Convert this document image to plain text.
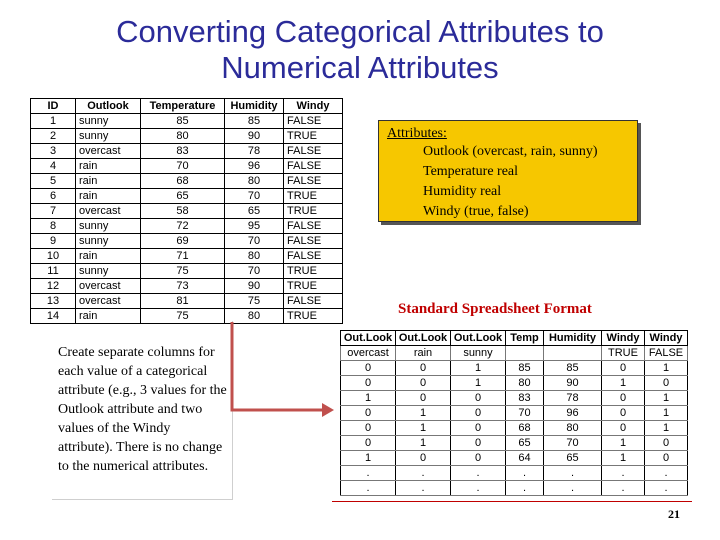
Converting Categorical Attributes to
Numerical Attributes
ID	Outlook	Temperature	Humidity	Windy
1	sunny	85	85	FALSE
2	sunny	80	90	TRUE
3	overcast	83	78	FALSE
4	rain	70	96	FALSE
5	rain	68	80	FALSE
6	rain	65	70	TRUE
7	overcast	58	65	TRUE
8	sunny	72	95	FALSE
9	sunny	69	70	FALSE
10	rain	71	80	FALSE
11	sunny	75	70	TRUE
12	overcast	73	90	TRUE
13	overcast	81	75	FALSE
14	rain	75	80	TRUE
Attributes:
Outlook (overcast, rain, sunny)
Temperature real
Humidity real
Windy (true, false)
Standard Spreadsheet Format
Create separate columns for each value of a categorical attribute (e.g., 3 values for the Outlook attribute and two values of the Windy attribute). There is no change to the numerical attributes.
Out.Look	Out.Look	Out.Look	Temp	Humidity	Windy	Windy
overcast	rain	sunny			TRUE	FALSE
0	0	1	85	85	0	1
0	0	1	80	90	1	0
1	0	0	83	78	0	1
0	1	0	70	96	0	1
0	1	0	68	80	0	1
0	1	0	65	70	1	0
1	0	0	64	65	1	0
.	.	.	.	.	.	.
.	.	.	.	.	.	.
21
